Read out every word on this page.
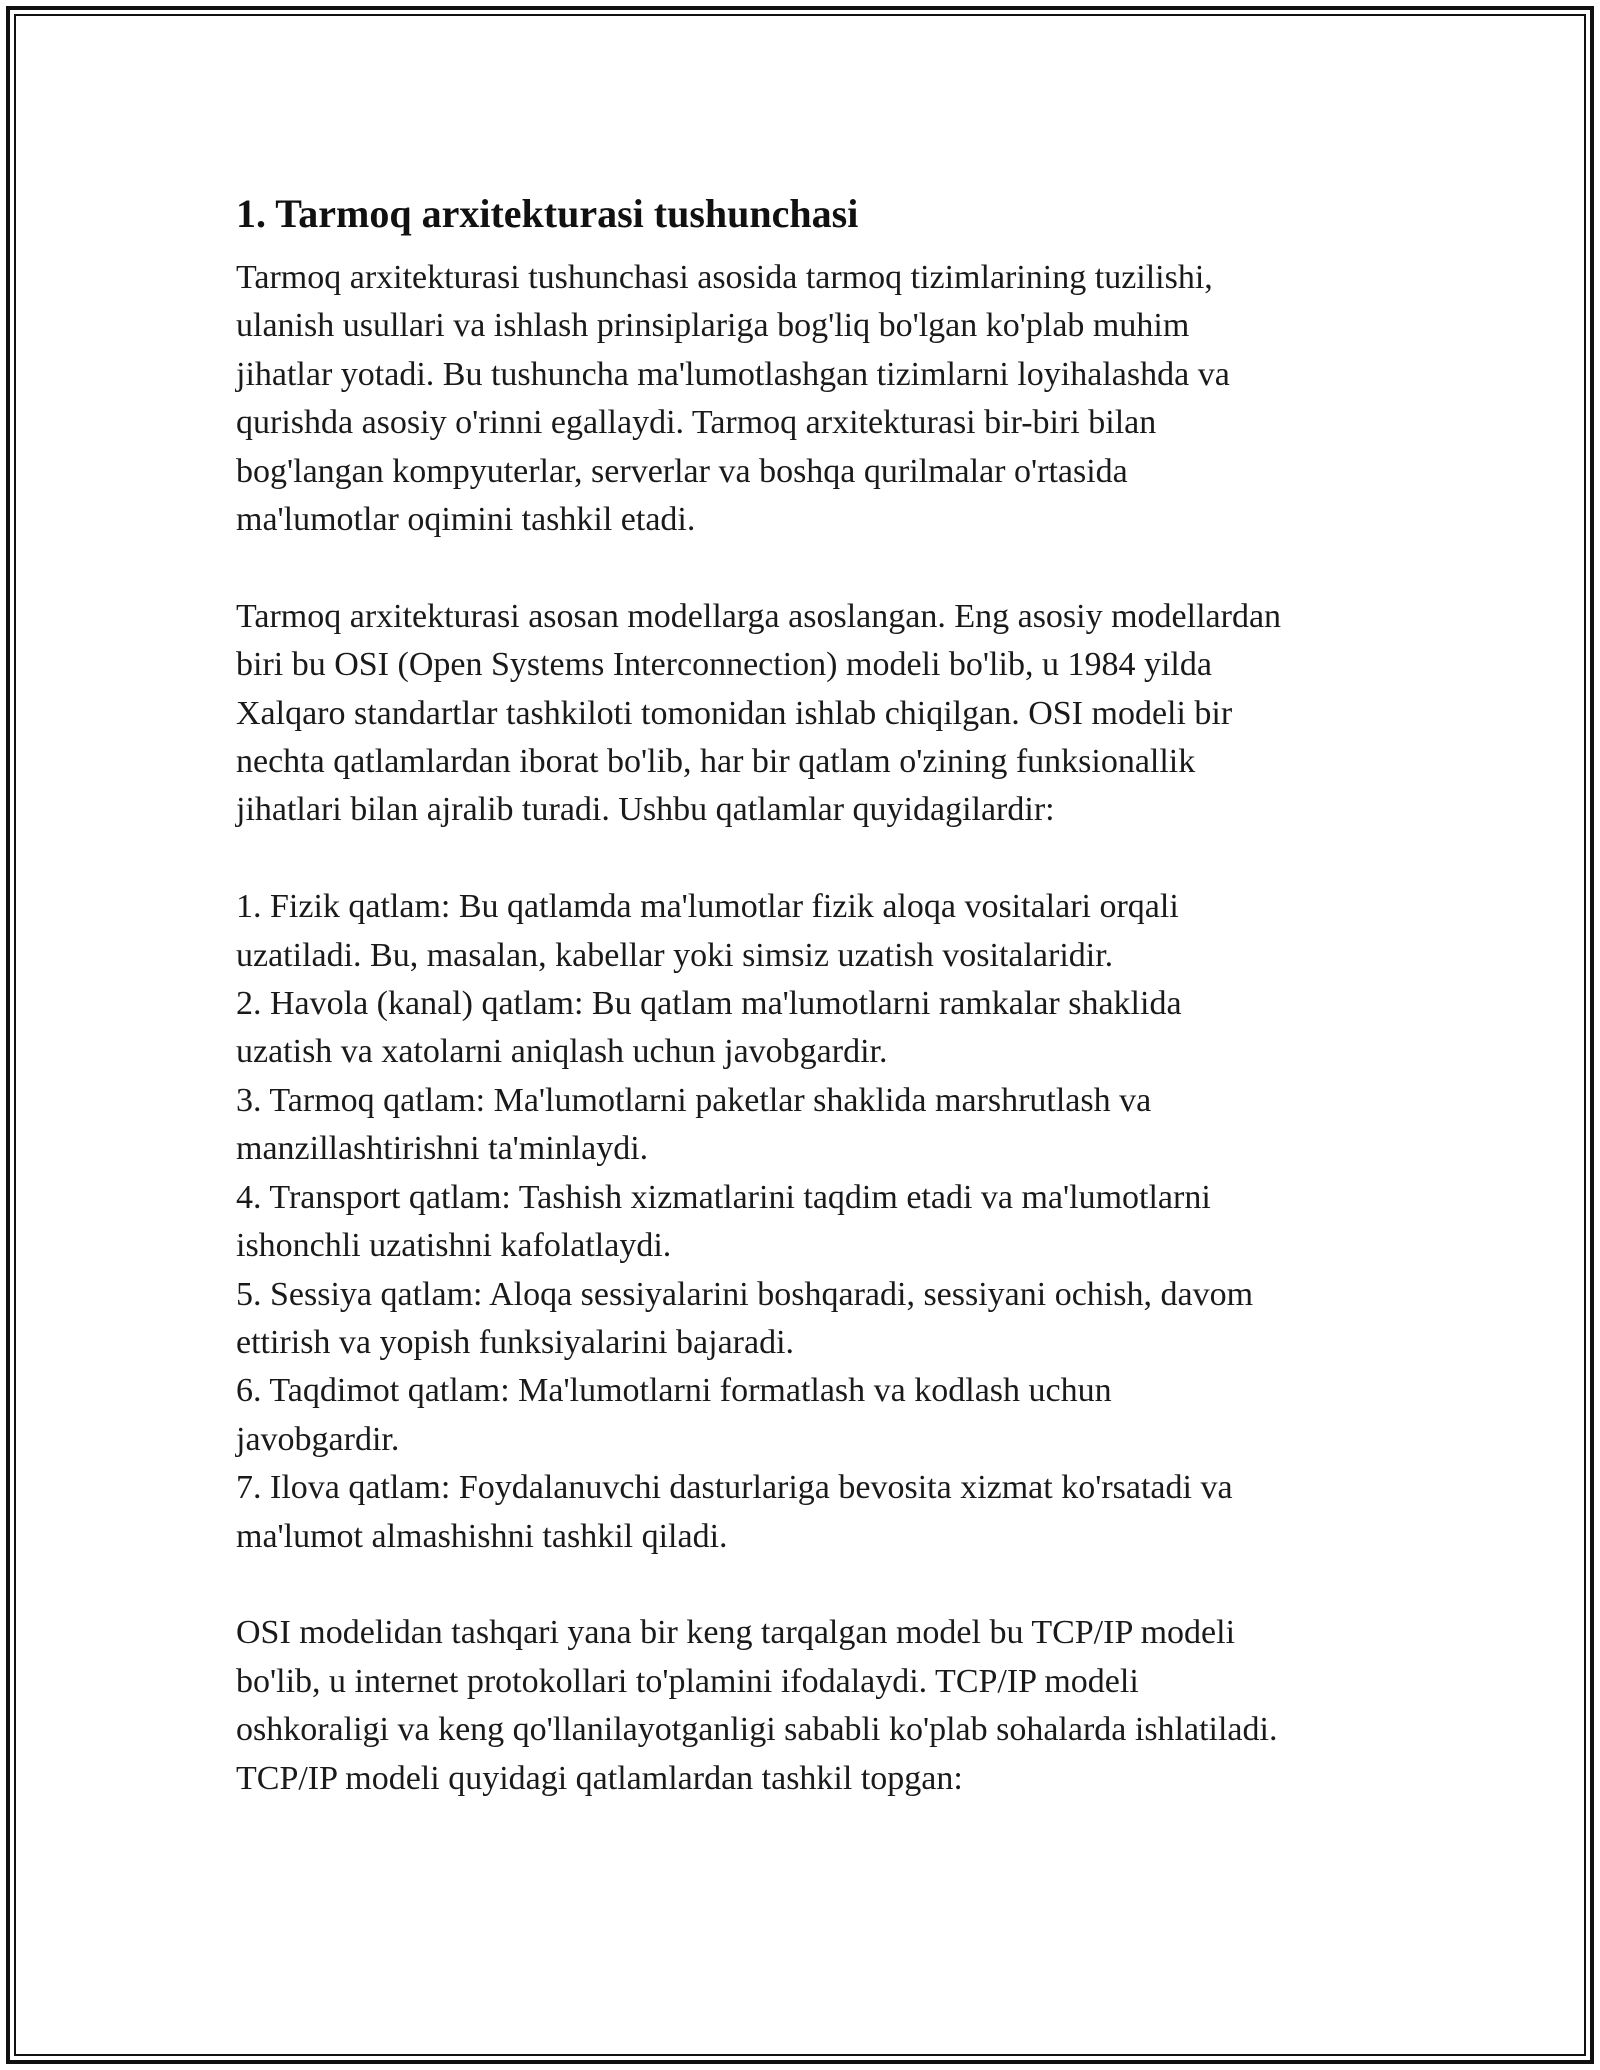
1. Tarmoq arxitekturasi tushunchasi

Tarmoq arxitekturasi tushunchasi asosida tarmoq tizimlarining tuzilishi,
ulanish usullari va ishlash prinsiplariga bog'liq bo'lgan ko'plab muhim
jihatlar yotadi. Bu tushuncha ma'lumotlashgan tizimlarni loyihalashda va
qurishda asosiy o'rinni egallaydi. Tarmoq arxitekturasi bir-biri bilan
bog'langan kompyuterlar, serverlar va boshqa qurilmalar o'rtasida
ma'lumotlar oqimini tashkil etadi.

Tarmoq arxitekturasi asosan modellarga asoslangan. Eng asosiy modellardan
biri bu OSI (Open Systems Interconnection) modeli bo'lib, u 1984 yilda
Xalqaro standartlar tashkiloti tomonidan ishlab chiqilgan. OSI modeli bir
nechta qatlamlardan iborat bo'lib, har bir qatlam o'zining funksionallik
jihatlari bilan ajralib turadi. Ushbu qatlamlar quyidagilardir:

1. Fizik qatlam: Bu qatlamda ma'lumotlar fizik aloqa vositalari orqali
uzatiladi. Bu, masalan, kabellar yoki simsiz uzatish vositalaridir.
2. Havola (kanal) qatlam: Bu qatlam ma'lumotlarni ramkalar shaklida
uzatish va xatolarni aniqlash uchun javobgardir.
3. Tarmoq qatlam: Ma'lumotlarni paketlar shaklida marshrutlash va
manzillashtirishni ta'minlaydi.
4. Transport qatlam: Tashish xizmatlarini taqdim etadi va ma'lumotlarni
ishonchli uzatishni kafolatlaydi.
5. Sessiya qatlam: Aloqa sessiyalarini boshqaradi, sessiyani ochish, davom
ettirish va yopish funksiyalarini bajaradi.
6. Taqdimot qatlam: Ma'lumotlarni formatlash va kodlash uchun
javobgardir.
7. Ilova qatlam: Foydalanuvchi dasturlariga bevosita xizmat ko'rsatadi va
ma'lumot almashishni tashkil qiladi.

OSI modelidan tashqari yana bir keng tarqalgan model bu TCP/IP modeli
bo'lib, u internet protokollari to'plamini ifodalaydi. TCP/IP modeli
oshkoraligi va keng qo'llanilayotganligi sababli ko'plab sohalarda ishlatiladi.
TCP/IP modeli quyidagi qatlamlardan tashkil topgan:
